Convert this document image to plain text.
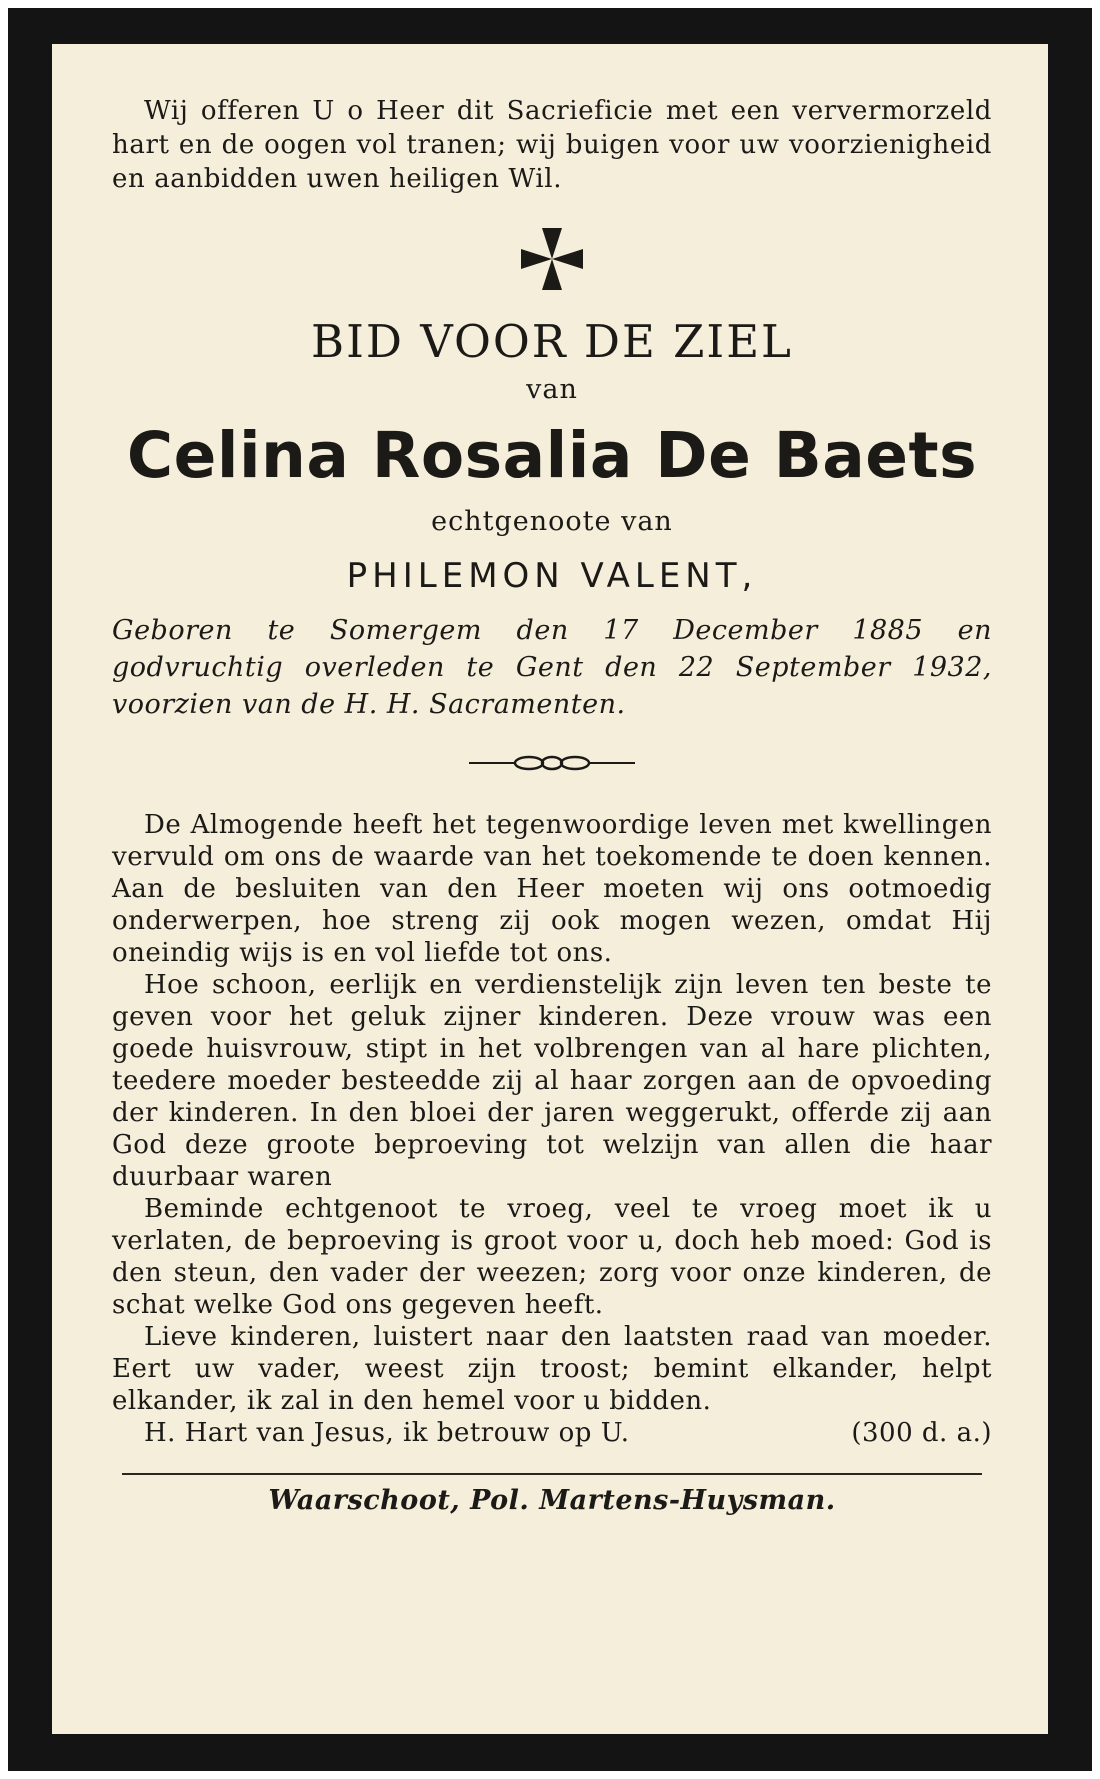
Wij offeren U o Heer dit Sacrieficie met een ververmorzeld hart en de oogen vol tranen; wij buigen voor uw voorzienigheid en aanbidden uwen heiligen Wil.

BID VOOR DE ZIEL

van

Celina Rosalia De Baets

echtgenoote van

PHILEMON VALENT,

Geboren te Somergem den 17 December 1885 en godvruchtig overleden te Gent den 22 September 1932, voorzien van de H. H. Sacramenten.

De Almogende heeft het tegenwoordige leven met kwellingen vervuld om ons de waarde van het toekomende te doen kennen. Aan de besluiten van den Heer moeten wij ons ootmoedig onderwerpen, hoe streng zij ook mogen wezen, omdat Hij oneindig wijs is en vol liefde tot ons.

Hoe schoon, eerlijk en verdienstelijk zijn leven ten beste te geven voor het geluk zijner kinderen. Deze vrouw was een goede huisvrouw, stipt in het volbrengen van al hare plichten, teedere moeder besteedde zij al haar zorgen aan de opvoeding der kinderen. In den bloei der jaren weggerukt, offerde zij aan God deze groote beproeving tot welzijn van allen die haar duurbaar waren

Beminde echtgenoot te vroeg, veel te vroeg moet ik u verlaten, de beproeving is groot voor u, doch heb moed: God is den steun, den vader der weezen; zorg voor onze kinderen, de schat welke God ons gegeven heeft.

Lieve kinderen, luistert naar den laatsten raad van moeder. Eert uw vader, weest zijn troost; bemint elkander, helpt elkander, ik zal in den hemel voor u bidden.

H. Hart van Jesus, ik betrouw op U.	(300 d. a.)

Waarschoot, Pol. Martens-Huysman.
